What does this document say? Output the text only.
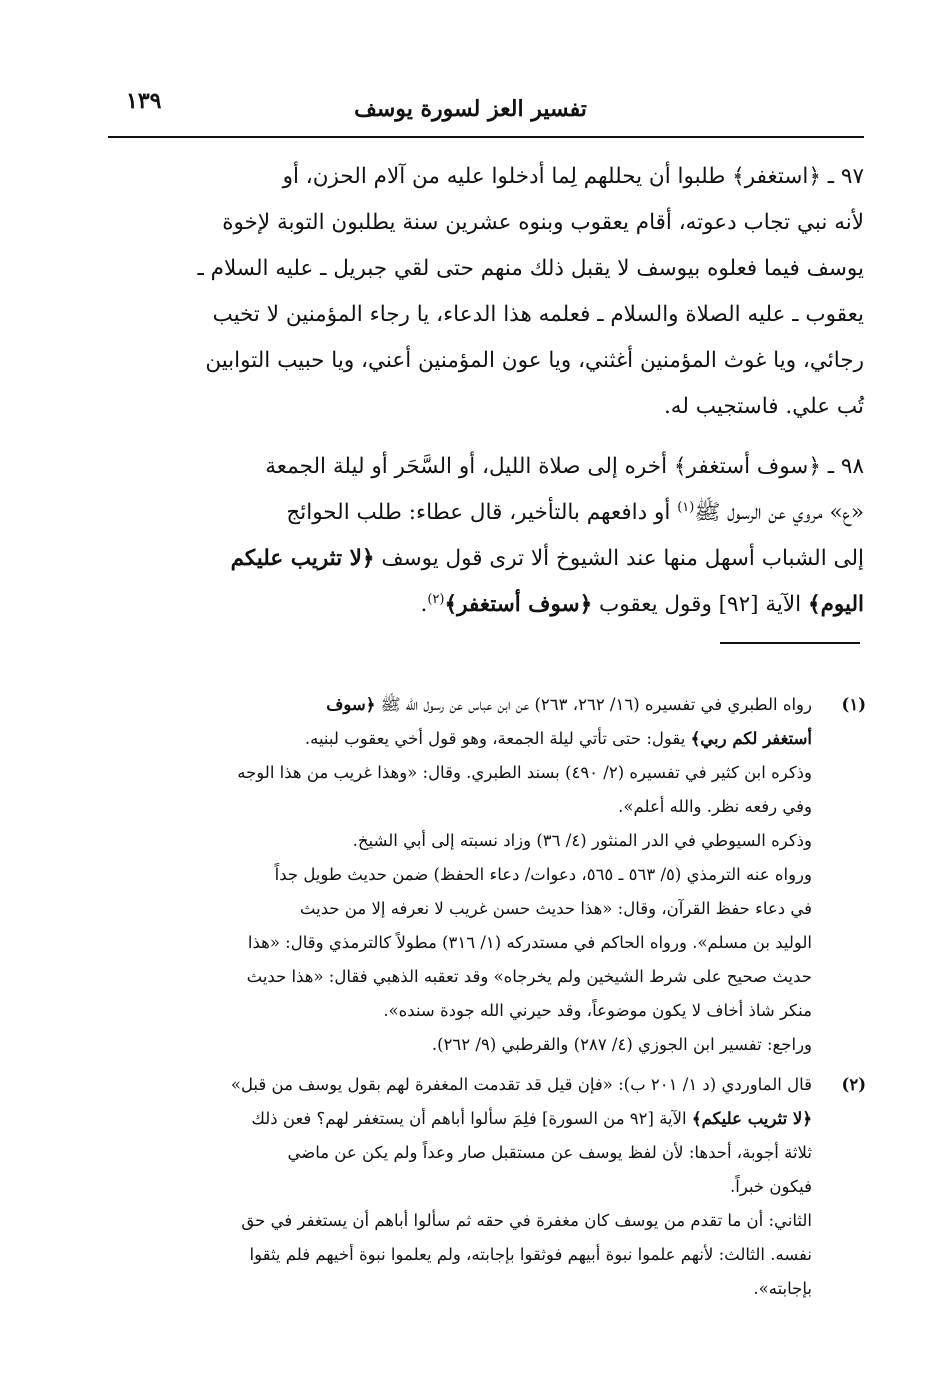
تفسير العز لسورة يوسف
١٣٩

٩٧ ـ ﴿استغفر﴾ طلبوا أن يحللهم لِما أدخلوا عليه من آلام الحزن، أو

لأنه نبي تجاب دعوته، أقام يعقوب وبنوه عشرين سنة يطلبون التوبة لإخوة

يوسف فيما فعلوه بيوسف لا يقبل ذلك منهم حتى لقي جبريل ـ عليه السلام ـ

يعقوب ـ عليه الصلاة والسلام ـ فعلمه هذا الدعاء، يا رجاء المؤمنين لا تخيب

رجائي، ويا غوث المؤمنين أغثني، ويا عون المؤمنين أعني، ويا حبيب التوابين

تُب علي. فاستجيب له.

٩٨ ـ ﴿سوف أستغفر﴾ أخره إلى صلاة الليل، أو السَّحَر أو ليلة الجمعة

«ع» مروي عن الرسول ﷺ$^{(١)}$ أو دافعهم بالتأخير، قال عطاء: طلب الحوائج

إلى الشباب أسهل منها عند الشيوخ ألا ترى قول يوسف ﴿لا تثريب عليكم

اليوم﴾ الآية [٩٢] وقول يعقوب ﴿سوف أستغفر﴾$^{(٢)}$.

(١)

رواه الطبري في تفسيره (١٦/ ٢٦٢، ٢٦٣) عن ابن عباس عن رسول الله ﷺ ﴿سوف

أستغفر لكم ربي﴾ يقول: حتى تأتي ليلة الجمعة، وهو قول أخي يعقوب لبنيه.

وذكره ابن كثير في تفسيره (٢/ ٤٩٠) بسند الطبري. وقال: «وهذا غريب من هذا الوجه

وفي رفعه نظر. والله أعلم».

وذكره السيوطي في الدر المنثور (٤/ ٣٦) وزاد نسبته إلى أبي الشيخ.

ورواه عنه الترمذي (٥/ ٥٦٣ ـ ٥٦٥، دعوات/ دعاء الحفظ) ضمن حديث طويل جداً

في دعاء حفظ القرآن، وقال: «هذا حديث حسن غريب لا نعرفه إلا من حديث

الوليد بن مسلم». ورواه الحاكم في مستدركه (١/ ٣١٦) مطولاً كالترمذي وقال: «هذا

حديث صحيح على شرط الشيخين ولم يخرجاه» وقد تعقبه الذهبي فقال: «هذا حديث

منكر شاذ أخاف لا يكون موضوعاً، وقد حيرني الله جودة سنده».

وراجع: تفسير ابن الجوزي (٤/ ٢٨٧) والقرطبي (٩/ ٢٦٢).

(٢)

قال الماوردي (د ١/ ٢٠١ ب): «فإن قيل قد تقدمت المغفرة لهم بقول يوسف من قبل»

﴿لا تثريب عليكم﴾ الآية [٩٢ من السورة] فلِمَ سألوا أباهم أن يستغفر لهم؟ فعن ذلك

ثلاثة أجوبة، أحدها: لأن لفظ يوسف عن مستقبل صار وعداً ولم يكن عن ماضي

فيكون خبراً.

الثاني: أن ما تقدم من يوسف كان مغفرة في حقه ثم سألوا أباهم أن يستغفر في حق

نفسه. الثالث: لأنهم علموا نبوة أبيهم فوثقوا بإجابته، ولم يعلموا نبوة أخيهم فلم يثقوا

بإجابته».
